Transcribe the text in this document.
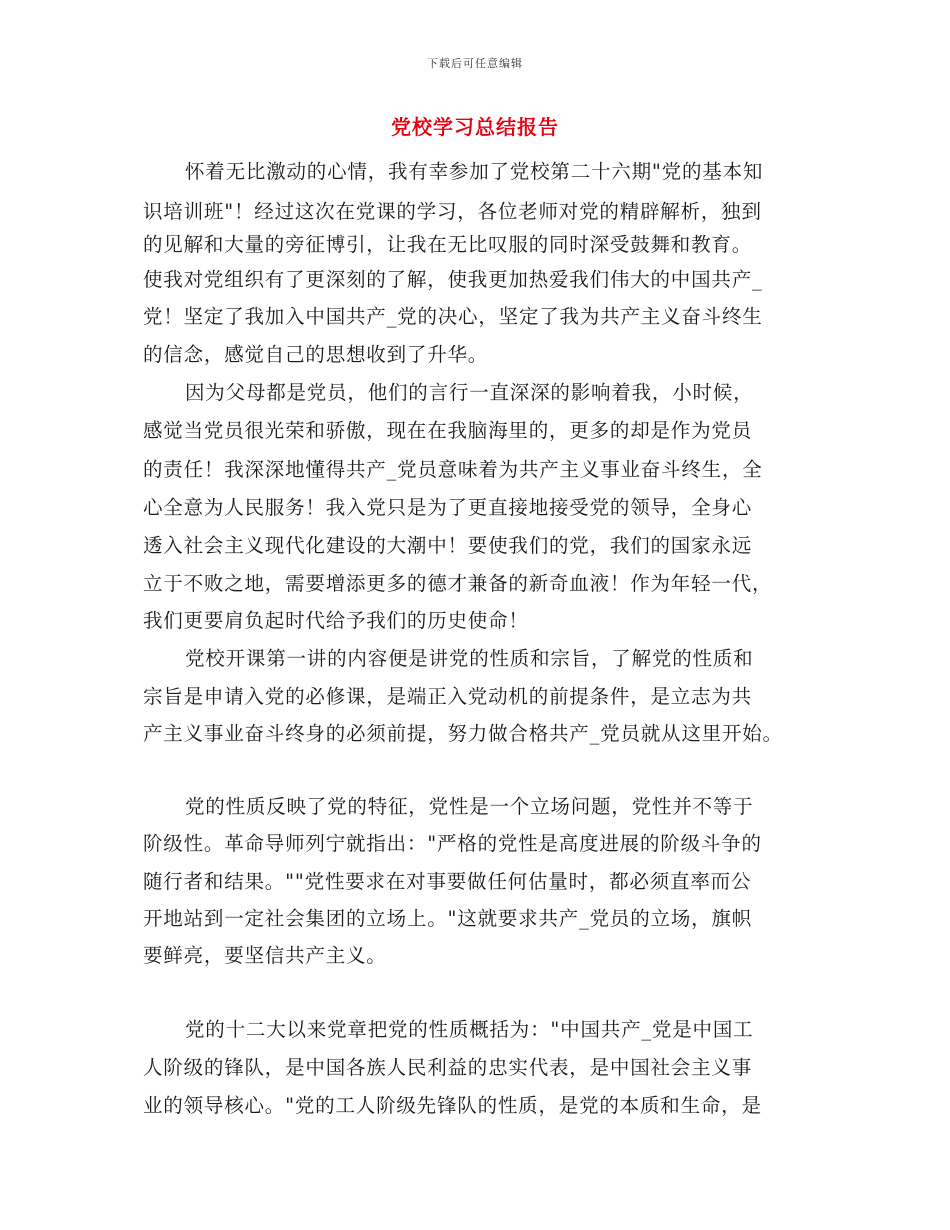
下载后可任意编辑
党校学习总结报告
怀着无比激动的心情，我有幸参加了党校第二十六期"党的基本知
识培训班"！经过这次在党课的学习，各位老师对党的精辟解析，独到
的见解和大量的旁征博引，让我在无比叹服的同时深受鼓舞和教育。
使我对党组织有了更深刻的了解，使我更加热爱我们伟大的中国共产_
党！坚定了我加入中国共产_党的决心，坚定了我为共产主义奋斗终生
的信念，感觉自己的思想收到了升华。
因为父母都是党员，他们的言行一直深深的影响着我，小时候，
感觉当党员很光荣和骄傲，现在在我脑海里的，更多的却是作为党员
的责任！我深深地懂得共产_党员意味着为共产主义事业奋斗终生，全
心全意为人民服务！我入党只是为了更直接地接受党的领导，全身心
透入社会主义现代化建设的大潮中！要使我们的党，我们的国家永远
立于不败之地，需要增添更多的德才兼备的新奇血液！作为年轻一代，
我们更要肩负起时代给予我们的历史使命！
党校开课第一讲的内容便是讲党的性质和宗旨，了解党的性质和
宗旨是申请入党的必修课，是端正入党动机的前提条件，是立志为共
产主义事业奋斗终身的必须前提，努力做合格共产_党员就从这里开始。
党的性质反映了党的特征，党性是一个立场问题，党性并不等于
阶级性。革命导师列宁就指出："严格的党性是高度进展的阶级斗争的
随行者和结果。""党性要求在对事要做任何估量时，都必须直率而公
开地站到一定社会集团的立场上。"这就要求共产_党员的立场，旗帜
要鲜亮，要坚信共产主义。
党的十二大以来党章把党的性质概括为："中国共产_党是中国工
人阶级的锋队，是中国各族人民利益的忠实代表，是中国社会主义事
业的领导核心。"党的工人阶级先锋队的性质，是党的本质和生命，是
